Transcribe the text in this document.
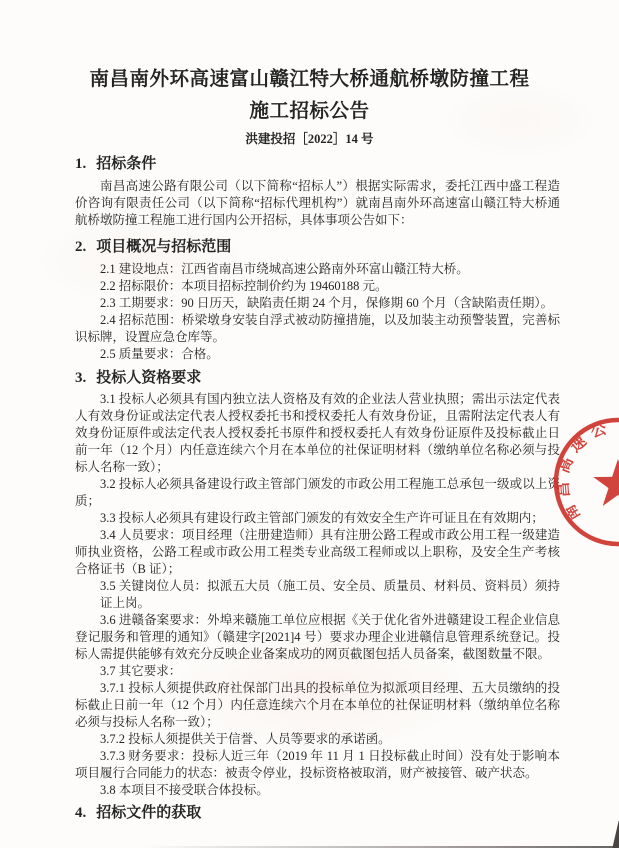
南昌南外环高速富山赣江特大桥通航桥墩防撞工程
施工招标公告
洪建投招［2022］14 号

1. 招标条件

南昌高速公路有限公司（以下简称“招标人”）根据实际需求，委托江西中盛工程造价咨询有限责任公司（以下简称“招标代理机构”）就南昌南外环高速富山赣江特大桥通航桥墩防撞工程施工进行国内公开招标，具体事项公告如下：

2. 项目概况与招标范围

2.1 建设地点：江西省南昌市绕城高速公路南外环富山赣江特大桥。

2.2 招标限价：本项目招标控制价约为 19460188 元。

2.3 工期要求：90 日历天，缺陷责任期 24 个月，保修期 60 个月（含缺陷责任期）。

2.4 招标范围：桥梁墩身安装自浮式被动防撞措施，以及加装主动预警装置，完善标识标牌，设置应急仓库等。

2.5 质量要求：合格。

3. 投标人资格要求

3.1 投标人必须具有国内独立法人资格及有效的企业法人营业执照；需出示法定代表人有效身份证或法定代表人授权委托书和授权委托人有效身份证，且需附法定代表人有效身份证原件或法定代表人授权委托书原件和授权委托人有效身份证原件及投标截止日前一年（12 个月）内任意连续六个月在本单位的社保证明材料（缴纳单位名称必须与投标人名称一致）；

3.2 投标人必须具备建设行政主管部门颁发的市政公用工程施工总承包一级或以上资质；

3.3 投标人必须具有建设行政主管部门颁发的有效安全生产许可证且在有效期内；

3.4 人员要求：项目经理（注册建造师）具有注册公路工程或市政公用工程一级建造师执业资格，公路工程或市政公用工程类专业高级工程师或以上职称，及安全生产考核合格证书（B 证）；

3.5 关键岗位人员：拟派五大员（施工员、安全员、质量员、材料员、资料员）须持证上岗。

3.6 进赣备案要求：外埠来赣施工单位应根据《关于优化省外进赣建设工程企业信息登记服务和管理的通知》（赣建字[2021]4 号）要求办理企业进赣信息管理系统登记。投标人需提供能够有效充分反映企业备案成功的网页截图包括人员备案，截图数量不限。

3.7 其它要求：

3.7.1 投标人须提供政府社保部门出具的投标单位为拟派项目经理、五大员缴纳的投标截止日前一年（12 个月）内任意连续六个月在本单位的社保证明材料（缴纳单位名称必须与投标人名称一致）；

3.7.2 投标人须提供关于信誉、人员等要求的承诺函。

3.7.3 财务要求：投标人近三年（2019 年 11 月 1 日投标截止时间）没有处于影响本项目履行合同能力的状态：被责令停业，投标资格被取消，财产被接管、破产状态。

3.8 本项目不接受联合体投标。

4. 招标文件的获取

南昌高速公
